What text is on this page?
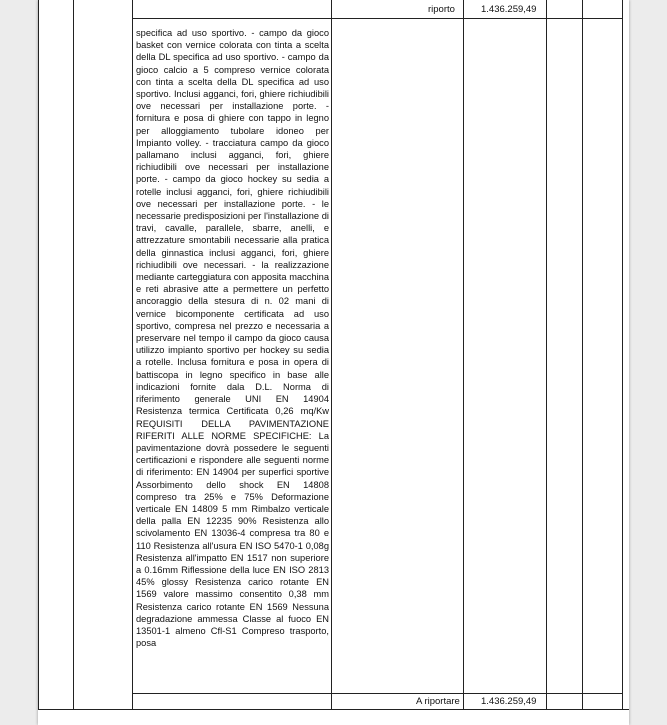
riporto	1.436.259,49
specifica ad uso sportivo. - campo da gioco basket con vernice colorata con tinta a scelta della DL specifica ad uso sportivo. - campo da gioco calcio a 5 compreso vernice colorata con tinta a scelta della DL specifica ad uso sportivo. Inclusi agganci, fori, ghiere richiudibili ove necessari per installazione porte. - fornitura e posa di ghiere con tappo in legno per alloggiamento tubolare idoneo per Impianto volley. - tracciatura campo da gioco pallamano inclusi agganci, fori, ghiere richiudibili ove necessari per installazione porte. - campo da gioco hockey su sedia a rotelle inclusi agganci, fori, ghiere richiudibili ove necessari per installazione porte. - le necessarie predisposizioni per l'installazione di travi, cavalle, parallele, sbarre, anelli, e attrezzature smontabili necessarie alla pratica della ginnastica inclusi agganci, fori, ghiere richiudibili ove necessari. - la realizzazione mediante carteggiatura con apposita macchina e reti abrasive atte a permettere un perfetto ancoraggio della stesura di n. 02 mani di vernice bicomponente certificata ad uso sportivo, compresa nel prezzo e necessaria a preservare nel tempo il campo da gioco causa utilizzo impianto sportivo per hockey su sedia a rotelle. Inclusa fornitura e posa in opera di battiscopa in legno specifico in base alle indicazioni fornite dala D.L. Norma di riferimento generale UNI EN 14904 Resistenza termica Certificata 0,26 mq/Kw REQUISITI DELLA PAVIMENTAZIONE RIFERITI ALLE NORME SPECIFICHE: La pavimentazione dovrà possedere le seguenti certificazioni e rispondere alle seguenti norme di riferimento: EN 14904 per superfici sportive Assorbimento dello shock EN 14808 compreso tra 25% e 75% Deformazione verticale EN 14809 5 mm Rimbalzo verticale della palla EN 12235 90% Resistenza allo scivolamento EN 13036-4 compresa tra 80 e 110 Resistenza all'usura EN ISO 5470-1 0,08g Resistenza all'impatto EN 1517 non superiore a 0.16mm Riflessione della luce EN ISO 2813 45% glossy Resistenza carico rotante EN 1569 valore massimo consentito 0,38 mm Resistenza carico rotante EN 1569 Nessuna degradazione ammessa Classe al fuoco EN 13501-1 almeno Cfl-S1 Compreso trasporto, posa
A riportare 1.436.259,49
